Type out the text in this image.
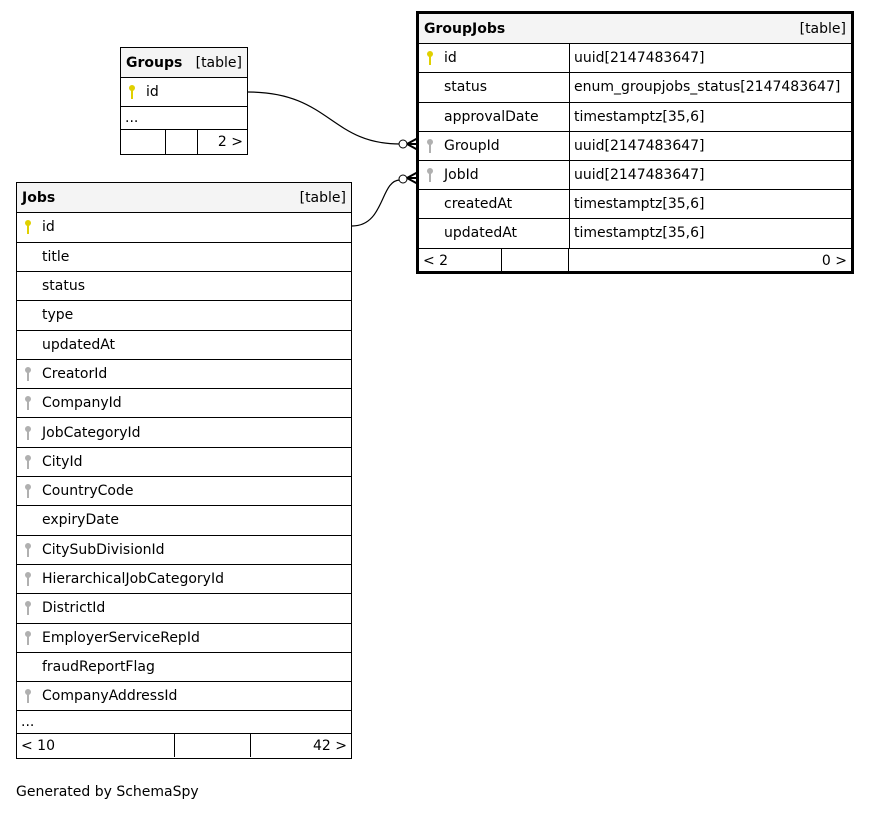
Groups [table]
id
...
2 >
GroupJobs	[table]
id	uuid[2147483647]
status	enum_groupjobs_status[2147483647]
approvalDate	timestamptz[35,6]
GroupId	uuid[2147483647]
JobId	uuid[2147483647]
createdAt	timestamptz[35,6]
updatedAt	timestamptz[35,6]
< 2	0 >
Jobs	[table]
id
title
status
type
updatedAt
CreatorId
CompanyId
JobCategoryId
CityId
CountryCode
expiryDate
CitySubDivisionId
HierarchicalJobCategoryId
DistrictId
EmployerServiceRepId
fraudReportFlag
CompanyAddressId
...
< 10	42 >
Generated by SchemaSpy
